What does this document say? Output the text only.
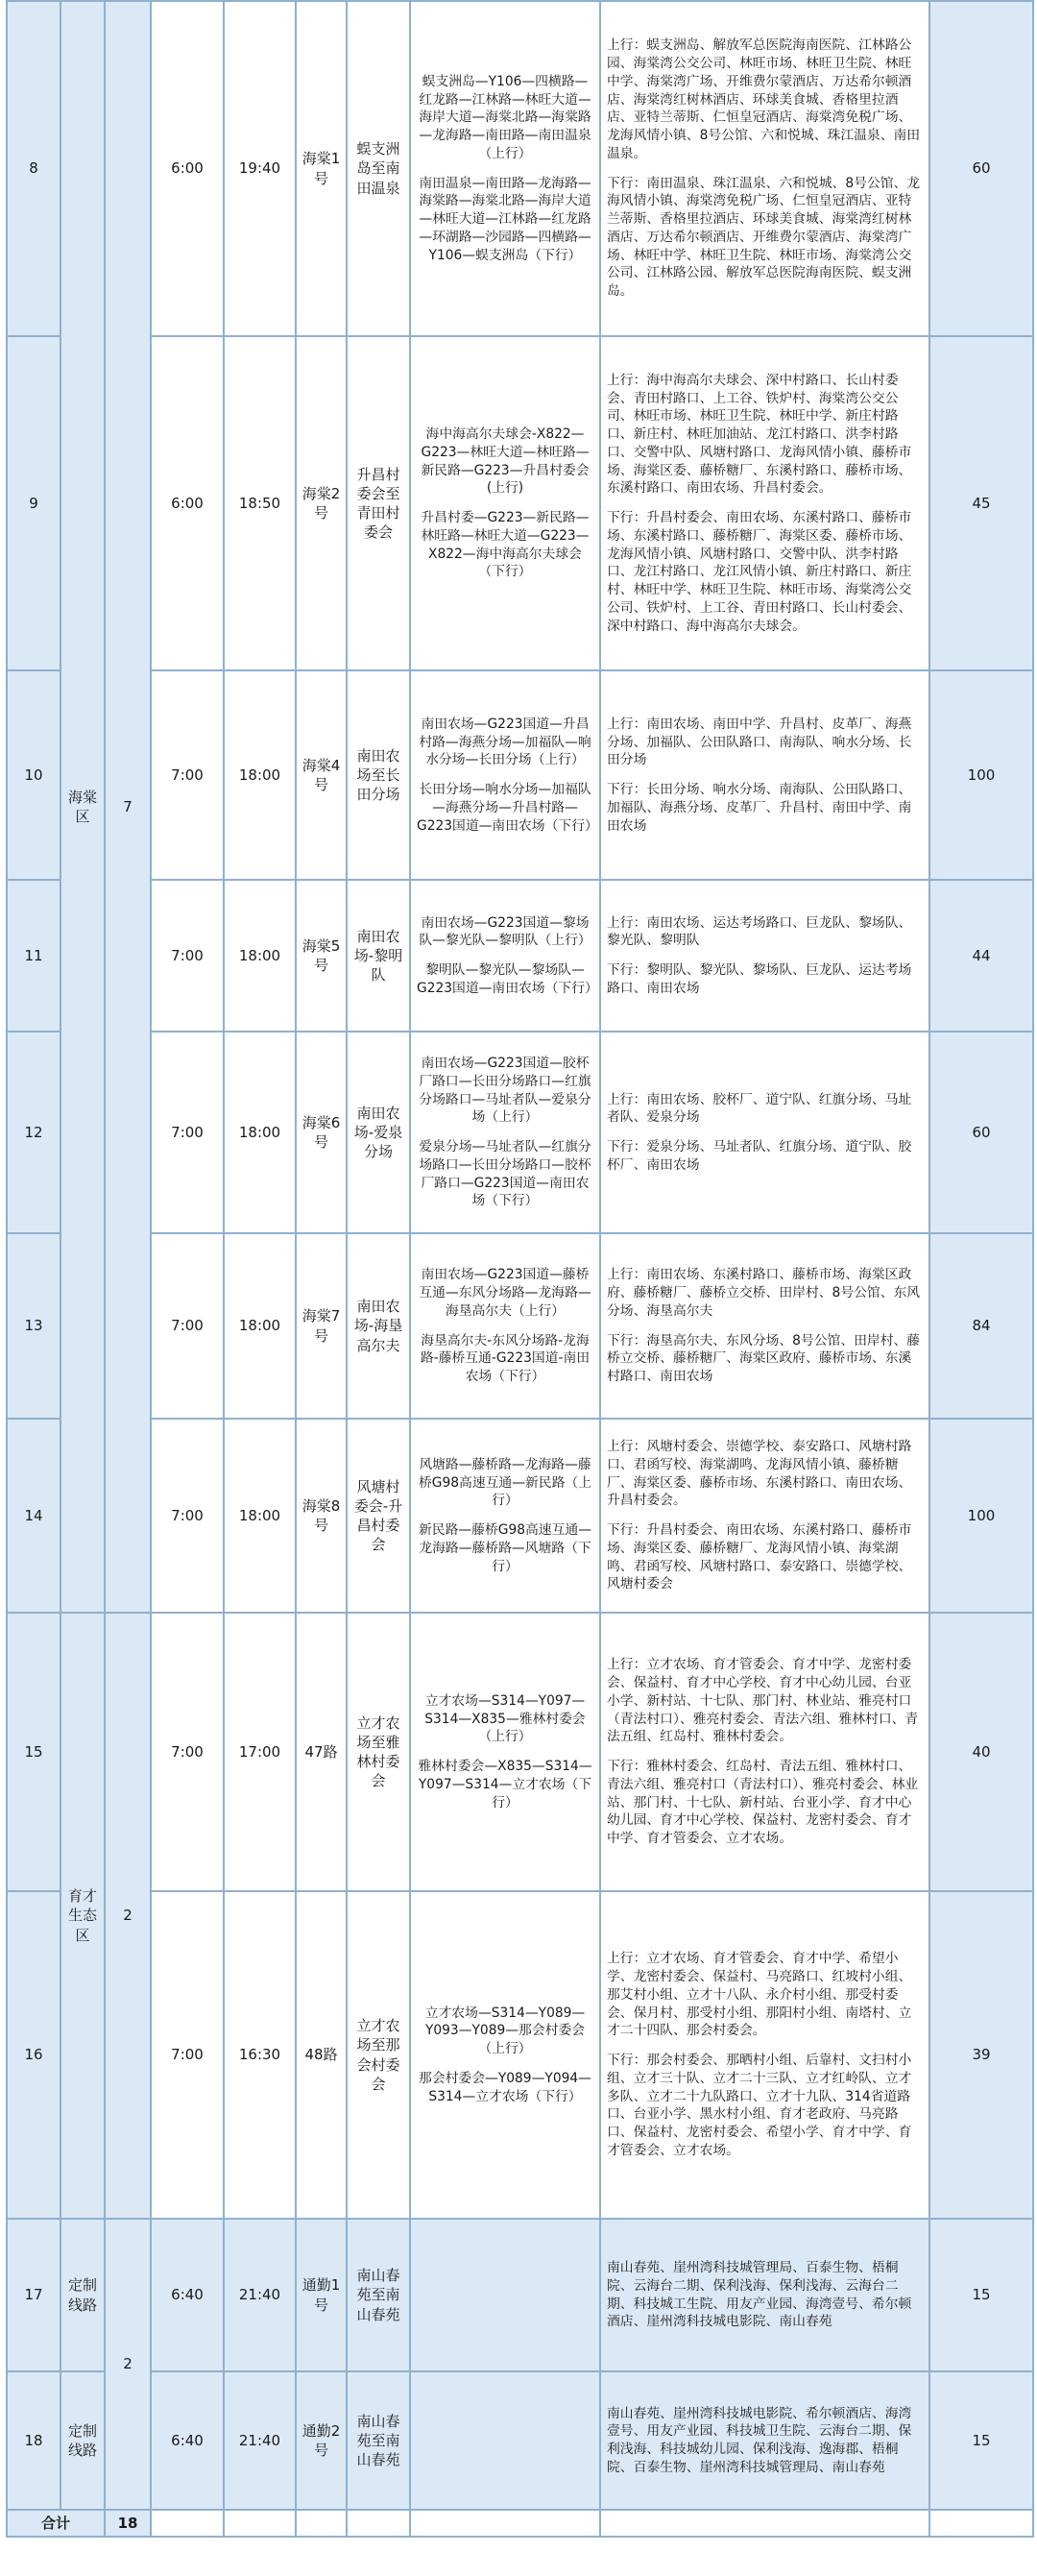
8	海棠区	7	6:00	19:40	海棠1号	蜈支洲岛至南田温泉	蜈支洲岛—Y106—四横路—红龙路—江林路—林旺大道—海岸大道—海棠北路—海棠路—龙海路—南田路—南田温泉（上行）
南田温泉—南田路—龙海路—海棠路—海棠北路—海岸大道—林旺大道—江林路—红龙路—环湖路—沙园路—四横路—Y106—蜈支洲岛（下行）	上行：蜈支洲岛、解放军总医院海南医院、江林路公园、海棠湾公交公司、林旺市场、林旺卫生院、林旺中学、海棠湾广场、开维费尔蒙酒店、万达希尔顿酒店、海棠湾红树林酒店、环球美食城、香格里拉酒店、亚特兰蒂斯、仁恒皇冠酒店、海棠湾免税广场、龙海风情小镇、8号公馆、六和悦城、珠江温泉、南田温泉。
下行：南田温泉、珠江温泉、六和悦城、8号公馆、龙海风情小镇、海棠湾免税广场、仁恒皇冠酒店、亚特兰蒂斯、香格里拉酒店、环球美食城、海棠湾红树林酒店、万达希尔顿酒店、开维费尔蒙酒店、海棠湾广场、林旺中学、林旺卫生院、林旺市场、海棠湾公交公司、江林路公园、解放军总医院海南医院、蜈支洲岛。	60
9			6:00	18:50	海棠2号	升昌村委会至青田村委会	海中海高尔夫球会-X822—G223—林旺大道—林旺路—新民路—G223—升昌村委会(上行)
升昌村委—G223—新民路—林旺路—林旺大道—G223—X822—海中海高尔夫球会（下行）	上行：海中海高尔夫球会、深中村路口、长山村委会、青田村路口、上工谷、铁炉村、海棠湾公交公司、林旺市场、林旺卫生院、林旺中学、新庄村路口、新庄村、林旺加油站、龙江村路口、洪李村路口、交警中队、风塘村路口、龙海风情小镇、藤桥市场、海棠区委、藤桥糖厂、东溪村路口、藤桥市场、东溪村路口、南田农场、升昌村委会。
下行：升昌村委会、南田农场、东溪村路口、藤桥市场、东溪村路口、藤桥糖厂、海棠区委、藤桥市场、龙海风情小镇、风塘村路口、交警中队、洪李村路口、龙江村路口、龙江风情小镇、新庄村路口、新庄村、林旺中学、林旺卫生院、林旺市场、海棠湾公交公司、铁炉村、上工谷、青田村路口、长山村委会、深中村路口、海中海高尔夫球会。	45
10			7:00	18:00	海棠4号	南田农场至长田分场	南田农场—G223国道—升昌村路—海燕分场—加福队—响水分场—长田分场（上行）
长田分场—响水分场—加福队—海燕分场—升昌村路—G223国道—南田农场（下行）	上行：南田农场、南田中学、升昌村、皮革厂、海燕分场、加福队、公田队路口、南海队、响水分场、长田分场
下行：长田分场、响水分场、南海队、公田队路口、加福队、海燕分场、皮革厂、升昌村、南田中学、南田农场	100
11			7:00	18:00	海棠5号	南田农场-黎明队	南田农场—G223国道—黎场队—黎光队—黎明队（上行）
黎明队—黎光队—黎场队—G223国道—南田农场（下行）	上行：南田农场、运达考场路口、巨龙队、黎场队、黎光队、黎明队
下行：黎明队、黎光队、黎场队、巨龙队、运达考场路口、南田农场	44
12			7:00	18:00	海棠6号	南田农场-爱泉分场	南田农场—G223国道—胶杯厂路口—长田分场路口—红旗分场路口—马址者队—爱泉分场（上行）
爱泉分场—马址者队—红旗分场路口—长田分场路口—胶杯厂路口—G223国道—南田农场（下行）	上行：南田农场、胶杯厂、道宁队、红旗分场、马址者队、爱泉分场
下行：爱泉分场、马址者队、红旗分场、道宁队、胶杯厂、南田农场	60
13			7:00	18:00	海棠7号	南田农场-海垦高尔夫	南田农场—G223国道—藤桥互通—东风分场路—龙海路—海垦高尔夫（上行）
海垦高尔夫-东风分场路-龙海路-藤桥互通-G223国道-南田农场（下行）	上行：南田农场、东溪村路口、藤桥市场、海棠区政府、藤桥糖厂、藤桥立交桥、田岸村、8号公馆、东风分场、海垦高尔夫
下行：海垦高尔夫、东风分场、8号公馆、田岸村、藤桥立交桥、藤桥糖厂、海棠区政府、藤桥市场、东溪村路口、南田农场	84
14			7:00	18:00	海棠8号	风塘村委会-升昌村委会	风塘路—藤桥路—龙海路—藤桥G98高速互通—新民路（上行）
新民路—藤桥G98高速互通—龙海路—藤桥路—风塘路（下行）	上行：风塘村委会、崇德学校、泰安路口、风塘村路口、君函写校、海棠湖鸣、龙海风情小镇、藤桥糖厂、海棠区委、藤桥市场、东溪村路口、南田农场、升昌村委会。
下行：升昌村委会、南田农场、东溪村路口、藤桥市场、海棠区委、藤桥糖厂、龙海风情小镇、海棠湖鸣、君函写校、风塘村路口、泰安路口、崇德学校、风塘村委会	100
15	育才生态区	2	7:00	17:00	47路	立才农场至雅林村委会	立才农场—S314—Y097—S314—X835—雅林村委会（上行）
雅林村委会—X835—S314—Y097—S314—立才农场（下行）	上行：立才农场、育才管委会、育才中学、龙密村委会、保益村、育才中心学校、育才中心幼儿园、台亚小学、新村站、十七队、那门村、林业站、雅亮村口（青法村口）、雅亮村委会、青法六组、雅林村口、青法五组、红岛村、雅林村委会。
下行：雅林村委会、红岛村、青法五组、雅林村口、青法六组、雅亮村口（青法村口）、雅亮村委会、林业站、那门村、十七队、新村站、台亚小学、育才中心幼儿园、育才中心学校、保益村、龙密村委会、育才中学、育才管委会、立才农场。	40
16			7:00	16:30	48路	立才农场至那会村委会	立才农场—S314—Y089—Y093—Y089—那会村委会（上行）
那会村委会—Y089—Y094—S314—立才农场（下行）	上行：立才农场、育才管委会、育才中学、希望小学、龙密村委会、保益村、马亮路口、红坡村小组、那艾村小组、立才十八队、永介村小组、那受村委会、保月村、那受村小组、那阳村小组、南塔村、立才二十四队、那会村委会。
下行：那会村委会、那晒村小组、后靠村、文扫村小组、立才三十队、立才二十三队、立才红岭队、立才多队、立才二十九队路口、立才十九队、314省道路口、台亚小学、黑水村小组、育才老政府、马亮路口、保益村、龙密村委会、希望小学、育才中学、育才管委会、立才农场。	39
17	定制线路	2	6:40	21:40	通勤1号	南山春苑至南山春苑		南山春苑、崖州湾科技城管理局、百泰生物、梧桐院、云海台二期、保利浅海、保利浅海、云海台二期、科技城工生院、用友产业园、海湾壹号、希尔顿酒店、崖州湾科技城电影院、南山春苑	15
18	定制线路		6:40	21:40	通勤2号	南山春苑至南山春苑		南山春苑、崖州湾科技城电影院、希尔顿酒店、海湾壹号、用友产业园、科技城卫生院、云海台二期、保利浅海、科技城幼儿园、保利浅海、逸海郡、梧桐院、百泰生物、崖州湾科技城管理局、南山春苑	15
合计		18							
